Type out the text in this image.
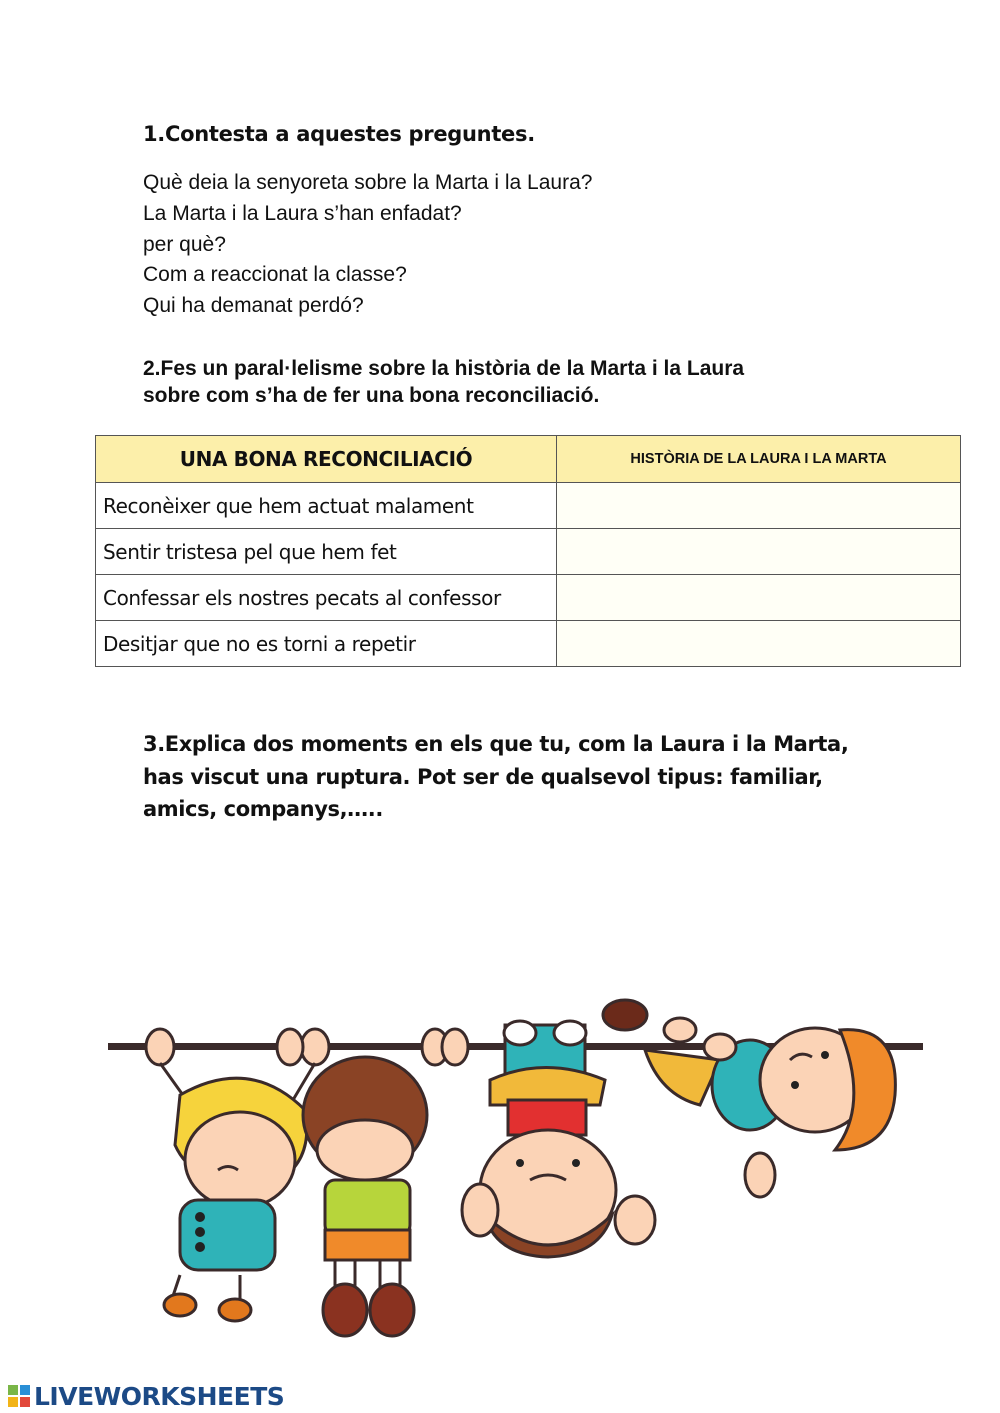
1.Contesta a aquestes preguntes.
Què deia la senyoreta sobre la Marta i la Laura?
La Marta i la Laura s’han enfadat?
per què?
Com a reaccionat la classe?
Qui ha demanat perdó?
2.Fes un paral·lelisme sobre la història de la Marta i la Laura
sobre com s’ha de fer una bona reconciliació.
UNA BONA RECONCILIACIÓ	HISTÒRIA DE LA LAURA I LA MARTA
Reconèixer que hem actuat malament	
Sentir tristesa pel que hem fet	
Confessar els nostres pecats al confessor	
Desitjar que no es torni a repetir	
3.Explica dos moments en els que tu, com la Laura i la Marta,
has viscut una ruptura. Pot ser de qualsevol tipus: familiar,
amics, companys,…..
LIVEWORKSHEETS
